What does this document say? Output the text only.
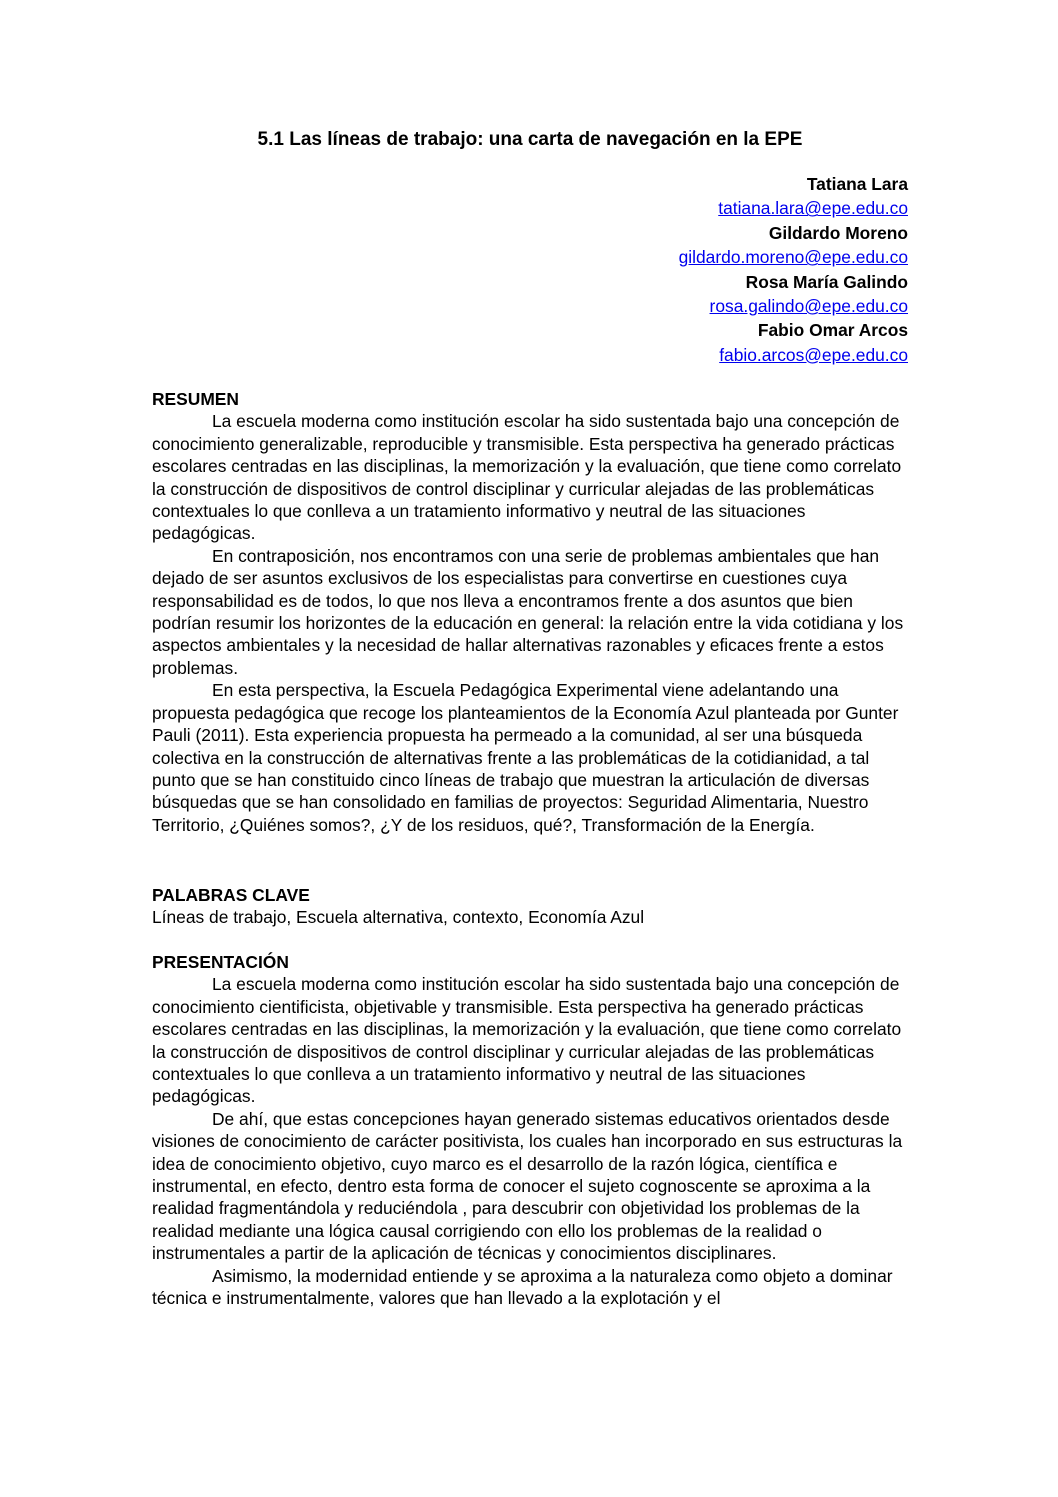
5.1 Las líneas de trabajo: una carta de navegación en la EPE
Tatiana Lara
tatiana.lara@epe.edu.co
Gildardo Moreno
gildardo.moreno@epe.edu.co
Rosa María Galindo
rosa.galindo@epe.edu.co
Fabio Omar Arcos
fabio.arcos@epe.edu.co
RESUMEN

La escuela moderna como institución escolar ha sido sustentada bajo una concepción de conocimiento generalizable, reproducible y transmisible. Esta perspectiva ha generado prácticas escolares centradas en las disciplinas, la memorización y la evaluación, que tiene como correlato la construcción de dispositivos de control disciplinar y curricular alejadas de las problemáticas contextuales lo que conlleva a un tratamiento informativo y neutral de las situaciones pedagógicas.

En contraposición, nos encontramos con una serie de problemas ambientales que han dejado de ser asuntos exclusivos de los especialistas para convertirse en cuestiones cuya responsabilidad es de todos, lo que nos lleva a encontramos frente a dos asuntos que bien podrían resumir los horizontes de la educación en general: la relación entre la vida cotidiana y los aspectos ambientales y la necesidad de hallar alternativas razonables y eficaces frente a estos problemas.

En esta perspectiva, la Escuela Pedagógica Experimental viene adelantando una propuesta pedagógica que recoge los planteamientos de la Economía Azul planteada por Gunter Pauli (2011). Esta experiencia propuesta ha permeado a la comunidad, al ser una búsqueda colectiva en la construcción de alternativas frente a las problemáticas de la cotidianidad, a tal punto que se han constituido cinco líneas de trabajo que muestran la articulación de diversas búsquedas que se han consolidado en familias de proyectos: Seguridad Alimentaria, Nuestro Territorio, ¿Quiénes somos?, ¿Y de los residuos, qué?, Transformación de la Energía.

PALABRAS CLAVE

Líneas de trabajo, Escuela alternativa, contexto, Economía Azul

PRESENTACIÓN

La escuela moderna como institución escolar ha sido sustentada bajo una concepción de conocimiento cientificista, objetivable y transmisible. Esta perspectiva ha generado prácticas escolares centradas en las disciplinas, la memorización y la evaluación, que tiene como correlato la construcción de dispositivos de control disciplinar y curricular alejadas de las problemáticas contextuales lo que conlleva a un tratamiento informativo y neutral de las situaciones pedagógicas.

De ahí, que estas concepciones hayan generado sistemas educativos orientados desde visiones de conocimiento de carácter positivista, los cuales han incorporado en sus estructuras la idea de conocimiento objetivo, cuyo marco es el desarrollo de la razón lógica, científica e instrumental, en efecto, dentro esta forma de conocer el sujeto cognoscente se aproxima a la realidad fragmentándola y reduciéndola , para descubrir con objetividad los problemas de la realidad mediante una lógica causal corrigiendo con ello los problemas de la realidad o instrumentales a partir de la aplicación de técnicas y conocimientos disciplinares.

Asimismo, la modernidad entiende y se aproxima a la naturaleza como objeto a dominar técnica e instrumentalmente, valores que han llevado a la explotación y el
